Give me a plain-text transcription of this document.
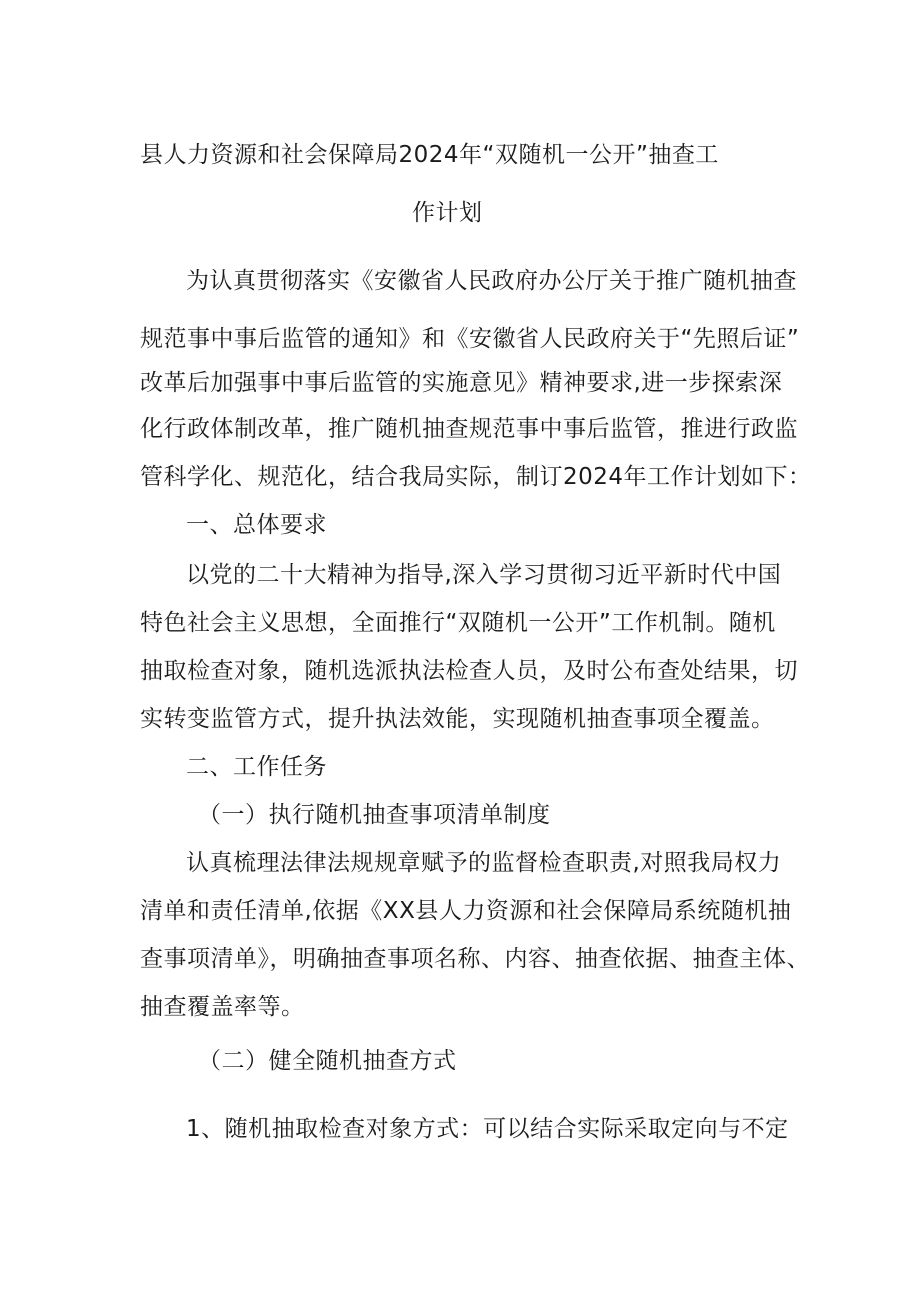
县人力资源和社会保障局2024年“双随机一公开”抽查工
作计划
为认真贯彻落实《安徽省人民政府办公厅关于推广随机抽查
规范事中事后监管的通知》和《安徽省人民政府关于“先照后证”
改革后加强事中事后监管的实施意见》精神要求,进一步探索深
化行政体制改革，推广随机抽查规范事中事后监管，推进行政监
管科学化、规范化，结合我局实际，制订2024年工作计划如下：
一、总体要求
以党的二十大精神为指导,深入学习贯彻习近平新时代中国
特色社会主义思想，全面推行“双随机一公开”工作机制。随机
抽取检查对象，随机选派执法检查人员，及时公布查处结果，切
实转变监管方式，提升执法效能，实现随机抽查事项全覆盖。
二、工作任务
（一）执行随机抽查事项清单制度
认真梳理法律法规规章赋予的监督检查职责,对照我局权力
清单和责任清单,依据《XX县人力资源和社会保障局系统随机抽
查事项清单》，明确抽查事项名称、内容、抽查依据、抽查主体、
抽查覆盖率等。
（二）健全随机抽查方式
1、随机抽取检查对象方式：可以结合实际采取定向与不定
